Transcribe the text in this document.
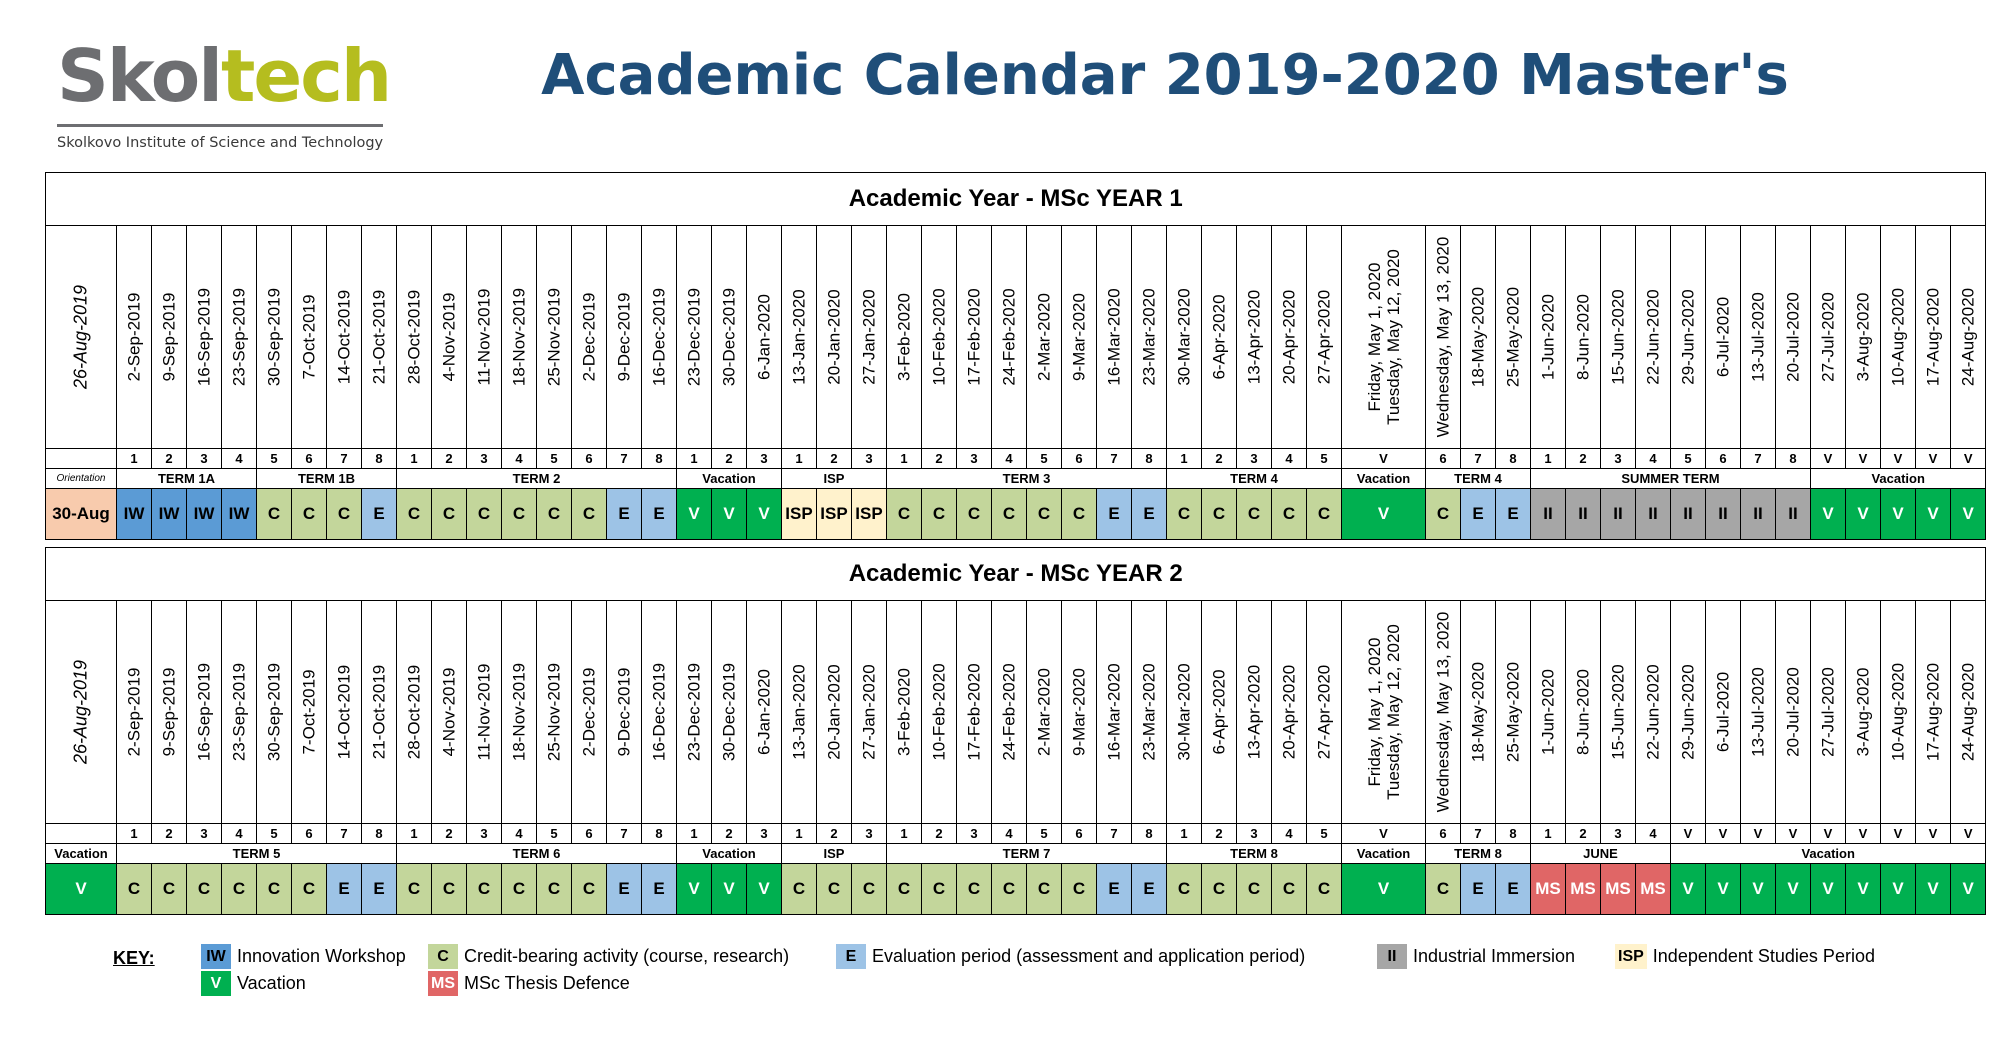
Skoltech
Skolkovo Institute of Science and Technology
Academic Calendar 2019-2020 Master's
Academic Year - MSc YEAR 1																																																				

26-Aug-2019	2-Sep-2019	9-Sep-2019	16-Sep-2019	23-Sep-2019	30-Sep-2019	7-Oct-2019	14-Oct-2019	21-Oct-2019	28-Oct-2019	4-Nov-2019	11-Nov-2019	18-Nov-2019	25-Nov-2019	2-Dec-2019	9-Dec-2019	16-Dec-2019	23-Dec-2019	30-Dec-2019	6-Jan-2020	13-Jan-2020	20-Jan-2020	27-Jan-2020	3-Feb-2020	10-Feb-2020	17-Feb-2020	24-Feb-2020	2-Mar-2020	9-Mar-2020	16-Mar-2020	23-Mar-2020	30-Mar-2020	6-Apr-2020	13-Apr-2020	20-Apr-2020	27-Apr-2020	Friday, May 1, 2020
Tuesday, May 12, 2020	Wednesday, May 13, 2020	18-May-2020	25-May-2020	1-Jun-2020	8-Jun-2020	15-Jun-2020	22-Jun-2020	29-Jun-2020	6-Jul-2020	13-Jul-2020	20-Jul-2020	27-Jul-2020	3-Aug-2020	10-Aug-2020	17-Aug-2020	24-Aug-2020

	1	2	3	4	5	6	7	8	1	2	3	4	5	6	7	8	1	2	3	1	2	3	1	2	3	4	5	6	7	8	1	2	3	4	5	V	6	7	8	1	2	3	4	5	6	7	8	V	V	V	V	V
Orientation	TERM 1A				TERM 1B				TERM 2								Vacation			ISP			TERM 3								TERM 4					Vacation	TERM 4			SUMMER TERM								Vacation				
30-Aug	IW	IW	IW	IW	C	C	C	E	C	C	C	C	C	C	E	E	V	V	V	ISP	ISP	ISP	C	C	C	C	C	C	E	E	C	C	C	C	C	V	C	E	E	II	II	II	II	II	II	II	II	V	V	V	V	V
Academic Year - MSc YEAR 2																																																				

26-Aug-2019	2-Sep-2019	9-Sep-2019	16-Sep-2019	23-Sep-2019	30-Sep-2019	7-Oct-2019	14-Oct-2019	21-Oct-2019	28-Oct-2019	4-Nov-2019	11-Nov-2019	18-Nov-2019	25-Nov-2019	2-Dec-2019	9-Dec-2019	16-Dec-2019	23-Dec-2019	30-Dec-2019	6-Jan-2020	13-Jan-2020	20-Jan-2020	27-Jan-2020	3-Feb-2020	10-Feb-2020	17-Feb-2020	24-Feb-2020	2-Mar-2020	9-Mar-2020	16-Mar-2020	23-Mar-2020	30-Mar-2020	6-Apr-2020	13-Apr-2020	20-Apr-2020	27-Apr-2020	Friday, May 1, 2020
Tuesday, May 12, 2020	Wednesday, May 13, 2020	18-May-2020	25-May-2020	1-Jun-2020	8-Jun-2020	15-Jun-2020	22-Jun-2020	29-Jun-2020	6-Jul-2020	13-Jul-2020	20-Jul-2020	27-Jul-2020	3-Aug-2020	10-Aug-2020	17-Aug-2020	24-Aug-2020

	1	2	3	4	5	6	7	8	1	2	3	4	5	6	7	8	1	2	3	1	2	3	1	2	3	4	5	6	7	8	1	2	3	4	5	V	6	7	8	1	2	3	4	V	V	V	V	V	V	V	V	V
Vacation	TERM 5								TERM 6								Vacation			ISP			TERM 7								TERM 8					Vacation	TERM 8			JUNE				Vacation								
V	C	C	C	C	C	C	E	E	C	C	C	C	C	C	E	E	V	V	V	C	C	C	C	C	C	C	C	C	E	E	C	C	C	C	C	V	C	E	E	MS	MS	MS	MS	V	V	V	V	V	V	V	V	V
KEY:	IW Innovation Workshop	C Credit-bearing activity (course, research)	E Evaluation period (assessment and application period)	II Industrial Immersion	ISP Independent Studies Period
V Vacation	MS MSc Thesis Defence
